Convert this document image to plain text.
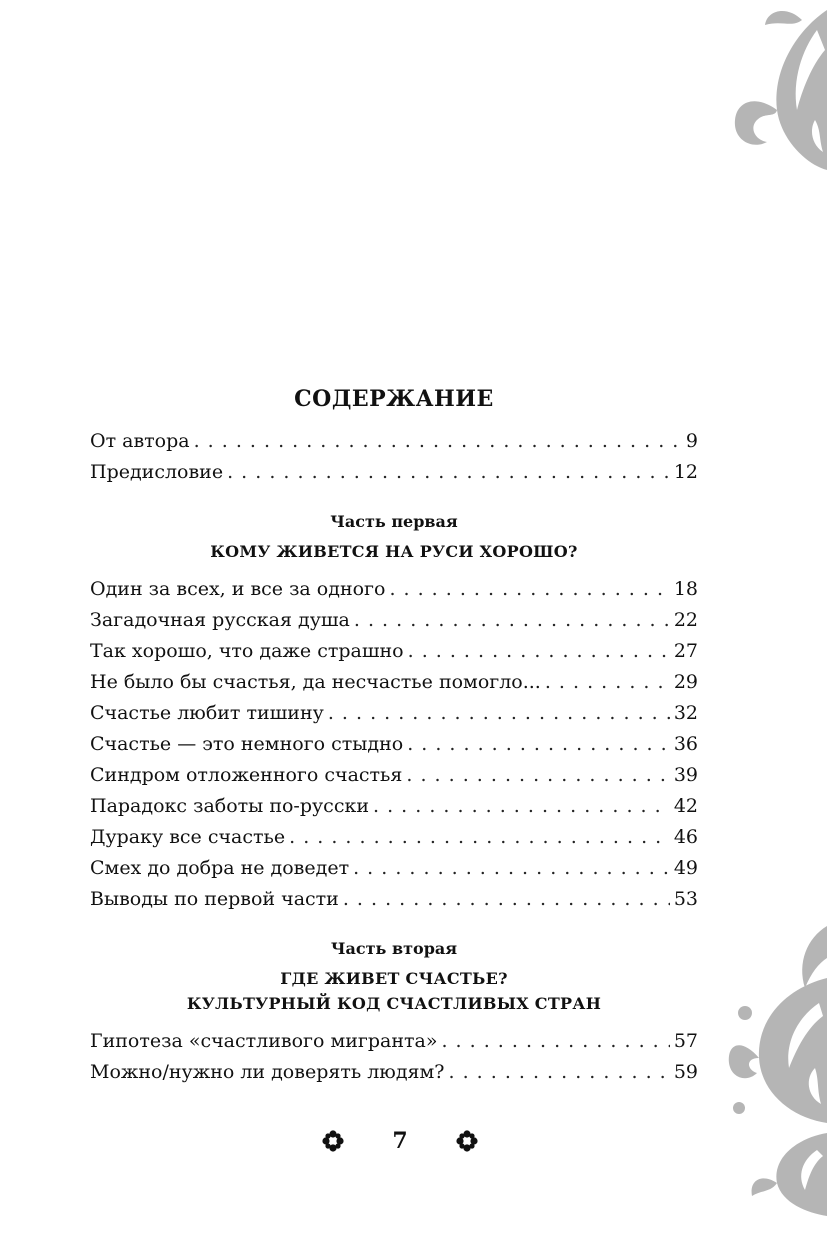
СОДЕРЖАНИЕ
От автора . . .	9
Предисловие . . .	12
Часть первая
КОМУ ЖИВЕТСЯ НА РУСИ ХОРОШО?
Один за всех, и все за одного . . .	18
Загадочная русская душа . . .	22
Так хорошо, что даже страшно . . .	27
Не было бы счастья, да несчастье помогло... . . .	29
Счастье любит тишину . . .	32
Счастье — это немного стыдно . . .	36
Синдром отложенного счастья . . .	39
Парадокс заботы по-русски . . .	42
Дураку все счастье . . .	46
Смех до добра не доведет . . .	49
Выводы по первой части . . .	53
Часть вторая
ГДЕ ЖИВЕТ СЧАСТЬЕ?
КУЛЬТУРНЫЙ КОД СЧАСТЛИВЫХ СТРАН
Гипотеза «счастливого мигранта» . . .	57
Можно/нужно ли доверять людям? . . .	59
7
